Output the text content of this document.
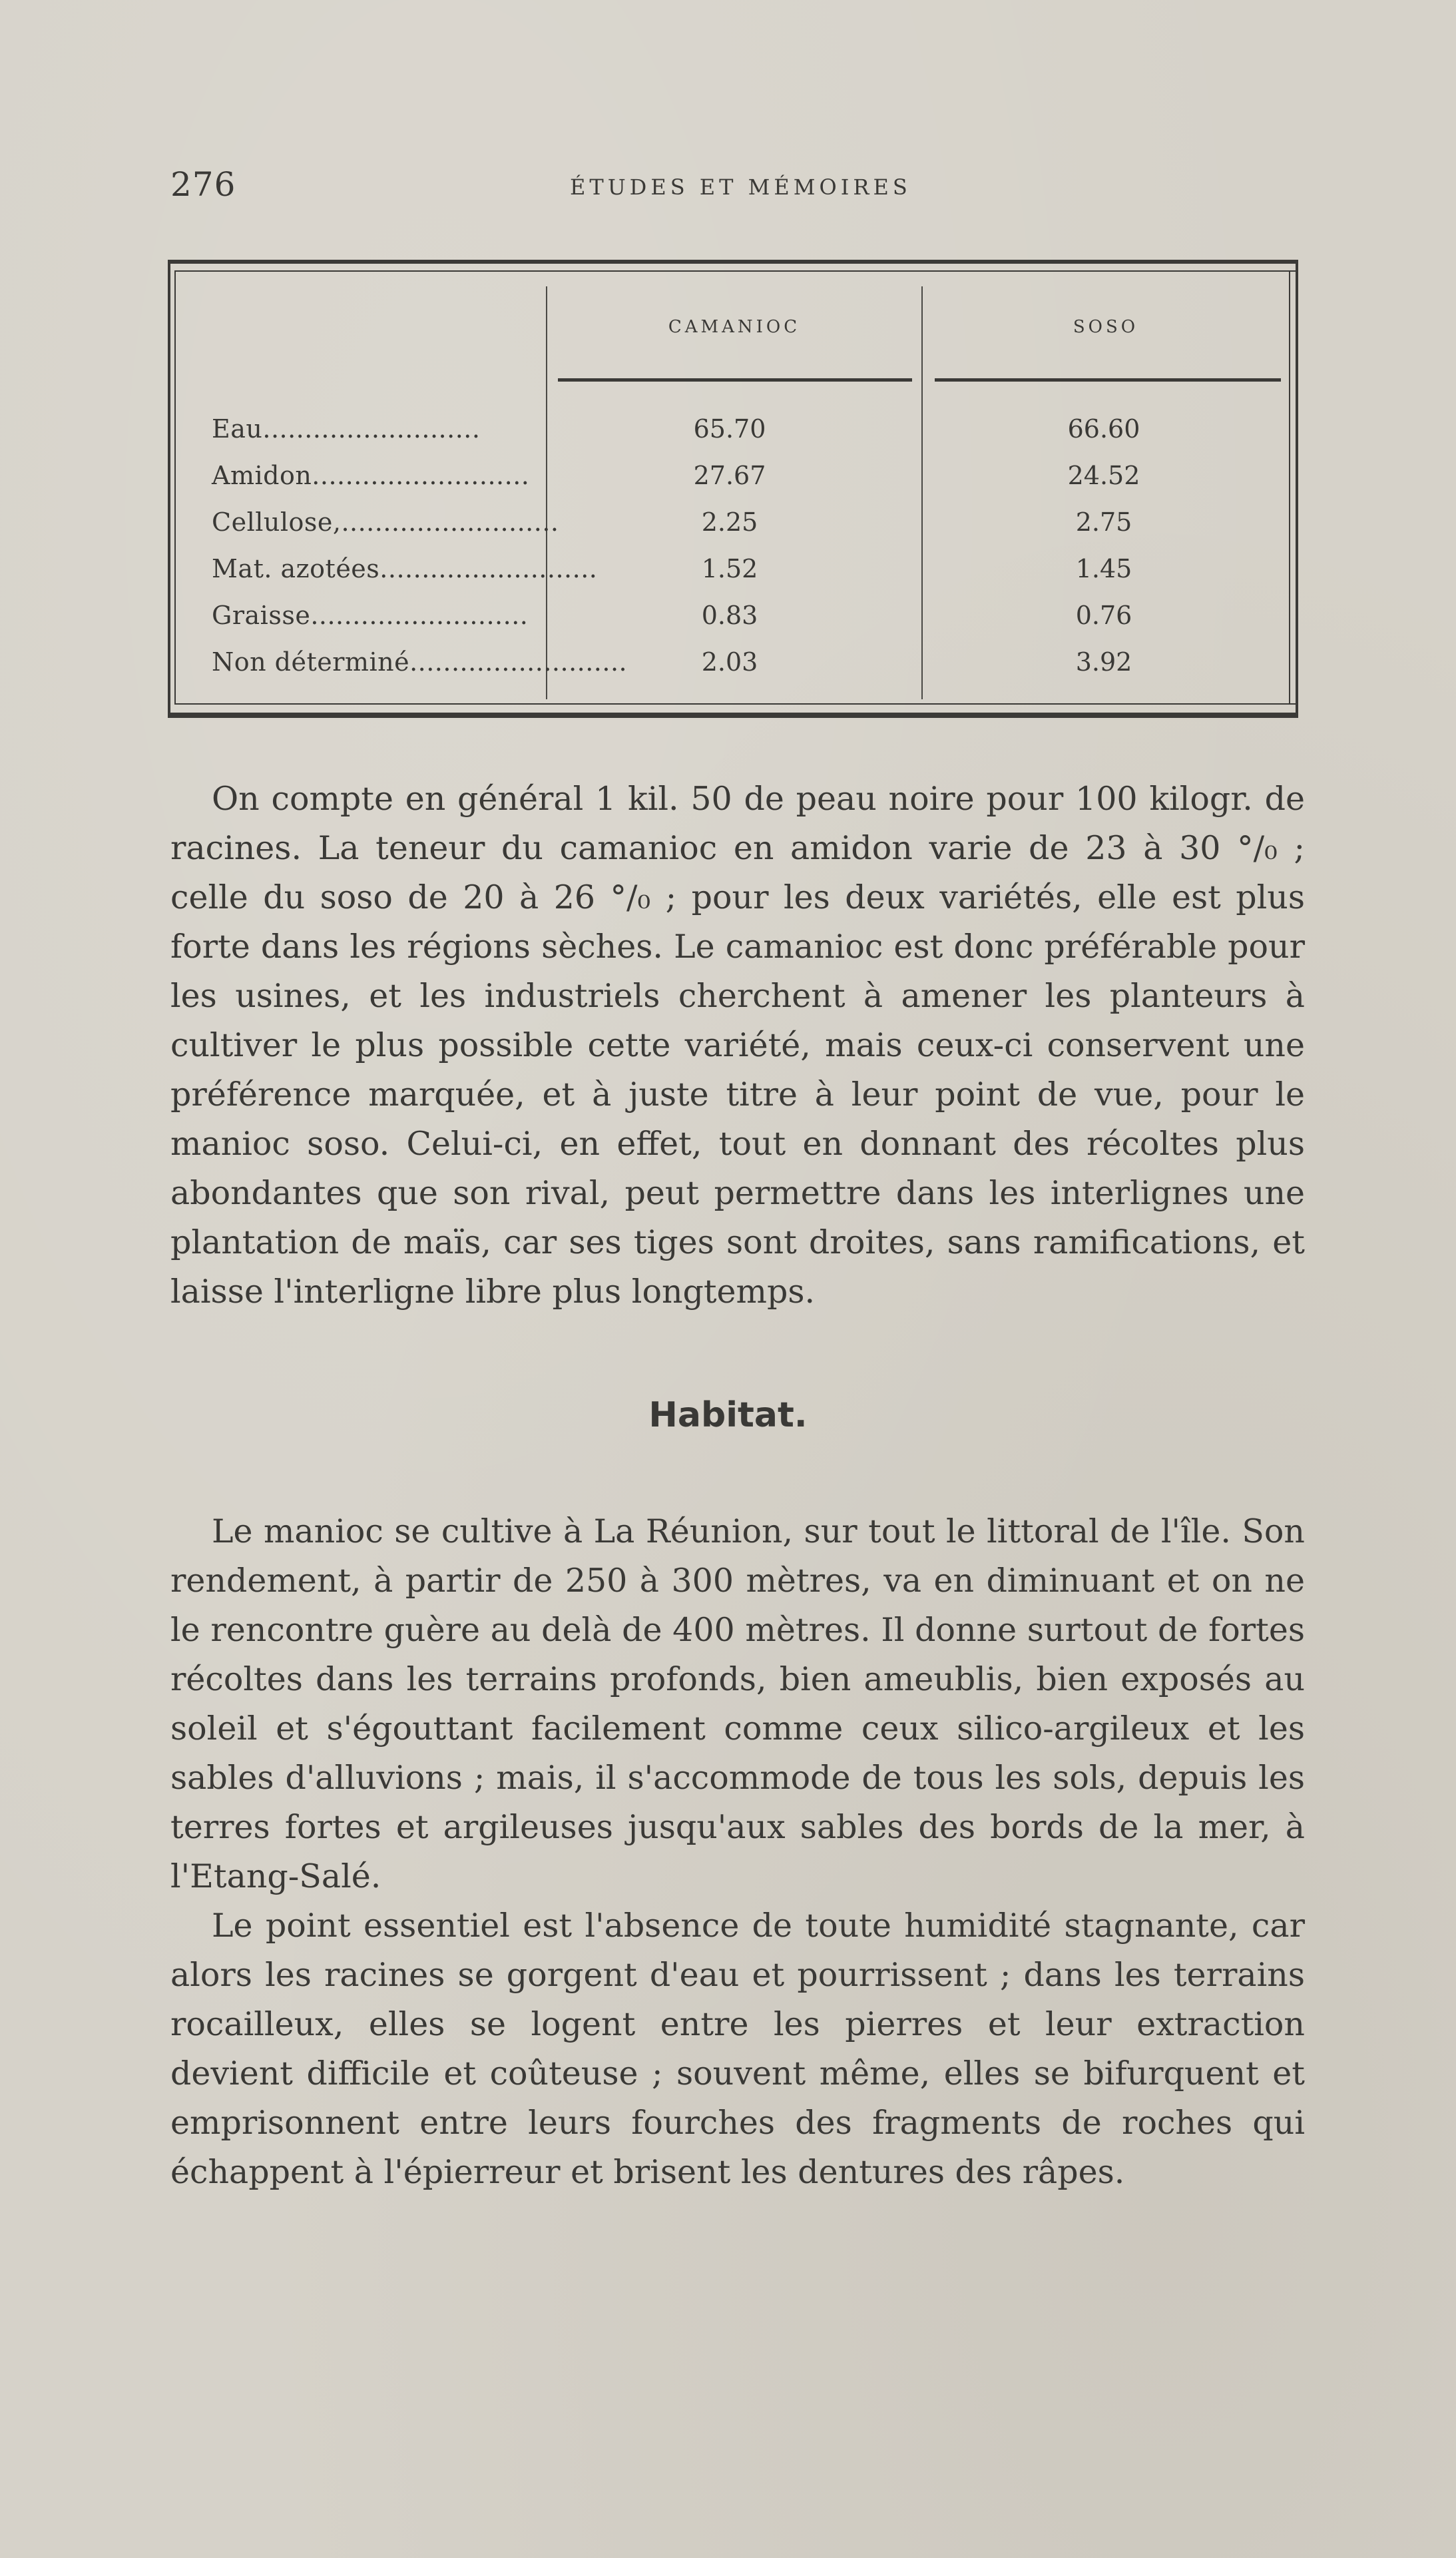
276	ÉTUDES ET MÉMOIRES
CAMANIOC	SOSO
Eau..........................	65.70	66.60
Amidon..........................	27.67	24.52
Cellulose,..........................	2.25	2.75
Mat. azotées..........................	1.52	1.45
Graisse..........................	0.83	0.76
Non déterminé..........................	2.03	3.92

On compte en général 1 kil. 50 de peau noire pour 100 kilogr. de racines. La teneur du camanioc en amidon varie de 23 à 30 °/₀ ; celle du soso de 20 à 26 °/₀ ; pour les deux variétés, elle est plus forte dans les régions sèches. Le camanioc est donc préférable pour les usines, et les industriels cherchent à amener les planteurs à cultiver le plus possible cette variété, mais ceux-ci conservent une préférence marquée, et à juste titre à leur point de vue, pour le manioc soso. Celui-ci, en effet, tout en donnant des récoltes plus abondantes que son rival, peut permettre dans les interlignes une plantation de maïs, car ses tiges sont droites, sans ramifications, et laisse l'interligne libre plus longtemps.

Habitat.

Le manioc se cultive à La Réunion, sur tout le littoral de l'île. Son rendement, à partir de 250 à 300 mètres, va en diminuant et on ne le rencontre guère au delà de 400 mètres. Il donne surtout de fortes récoltes dans les terrains profonds, bien ameublis, bien exposés au soleil et s'égouttant facilement comme ceux silico-argileux et les sables d'alluvions ; mais, il s'accommode de tous les sols, depuis les terres fortes et argileuses jusqu'aux sables des bords de la mer, à l'Etang-Salé.

Le point essentiel est l'absence de toute humidité stagnante, car alors les racines se gorgent d'eau et pourrissent ; dans les terrains rocailleux, elles se logent entre les pierres et leur extraction devient difficile et coûteuse ; souvent même, elles se bifurquent et emprisonnent entre leurs fourches des fragments de roches qui échappent à l'épierreur et brisent les dentures des râpes.
